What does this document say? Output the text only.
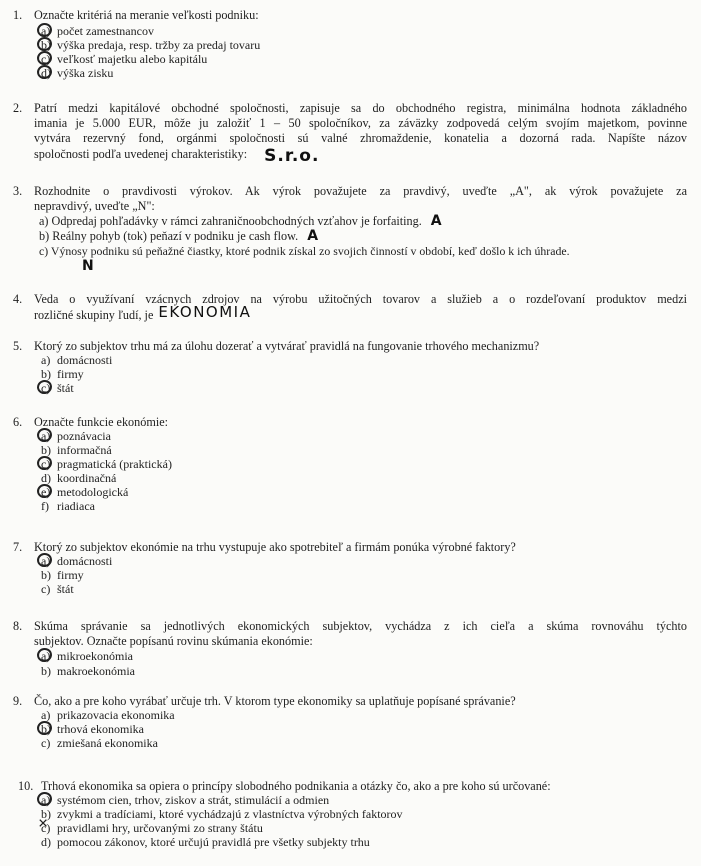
1. Označte kritériá na meranie veľkosti podniku:
a) počet zamestnancov
b) výška predaja, resp. tržby za predaj tovaru
c) veľkosť majetku alebo kapitálu
d) výška zisku
2. Patrí medzi kapitálové obchodné spoločnosti, zapisuje sa do obchodného registra, minimálna hodnota základného
imania je 5.000 EUR, môže ju založiť 1 – 50 spoločníkov, za záväzky zodpovedá celým svojím majetkom, povinne
vytvára rezervný fond, orgánmi spoločnosti sú valné zhromaždenie, konatelia a dozorná rada. Napíšte názov
spoločnosti podľa uvedenej charakteristiky: S.r.o.
3. Rozhodnite o pravdivosti výrokov. Ak výrok považujete za pravdivý, uveďte „A", ak výrok považujete za
nepravdivý, uveďte „N":
a) Odpredaj pohľadávky v rámci zahraničnoobchodných vzťahov je forfaiting. A
b) Reálny pohyb (tok) peňazí v podniku je cash flow. A
c) Výnosy podniku sú peňažné čiastky, ktoré podnik získal zo svojich činností v období, keď došlo k ich úhrade.
N
4. Veda o využívaní vzácnych zdrojov na výrobu užitočných tovarov a služieb a o rozdeľovaní produktov medzi
rozličné skupiny ľudí, je EKONOMIA
5. Ktorý zo subjektov trhu má za úlohu dozerať a vytvárať pravidlá na fungovanie trhového mechanizmu?
a) domácnosti
b) firmy
c) štát
6. Označte funkcie ekonómie:
a) poznávacia
b) informačná
c) pragmatická (praktická)
d) koordinačná
e) metodologická
f) riadiaca
7. Ktorý zo subjektov ekonómie na trhu vystupuje ako spotrebiteľ a firmám ponúka výrobné faktory?
a) domácnosti
b) firmy
c) štát
8. Skúma správanie sa jednotlivých ekonomických subjektov, vychádza z ich cieľa a skúma rovnováhu týchto
subjektov. Označte popísanú rovinu skúmania ekonómie:
a) mikroekonómia
b) makroekonómia
9. Čo, ako a pre koho vyrábať určuje trh. V ktorom type ekonomiky sa uplatňuje popísané správanie?
a) prikazovacia ekonomika
b) trhová ekonomika
c) zmiešaná ekonomika
10. Trhová ekonomika sa opiera o princípy slobodného podnikania a otázky čo, ako a pre koho sú určované:
a) systémom cien, trhov, ziskov a strát, stimulácií a odmien
b) zvykmi a tradíciami, ktoré vychádzajú z vlastníctva výrobných faktorov
c) × pravidlami hry, určovanými zo strany štátu
d) pomocou zákonov, ktoré určujú pravidlá pre všetky subjekty trhu
